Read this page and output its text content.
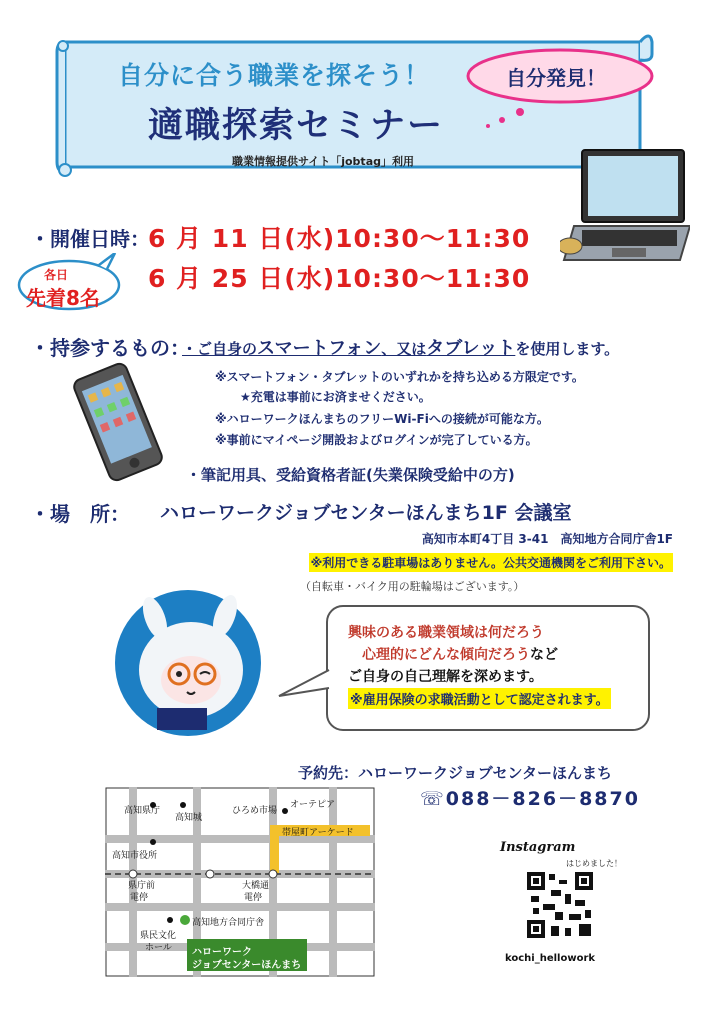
自分に合う職業を探そう！
適職探索セミナー
職業情報提供サイト「jobtag」利用
自分発見！
・開催日時：
6 月 11 日(水)10:30〜11:30
6 月 25 日(水)10:30〜11:30
各日
先着8名
・持参するもの：
・ご自身のスマートフォン、又はタブレットを使用します。
※スマートフォン・タブレットのいずれかを持ち込める方限定です。
★充電は事前にお済ませください。
※ハローワークほんまちのフリーWi-Fiへの接続が可能な方。
※事前にマイページ開設およびログインが完了している方。
・筆記用具、受給資格者証(失業保険受給中の方)
・場　所： ハローワークジョブセンターほんまち1F 会議室
高知市本町4丁目 3-41　高知地方合同庁舎1F
※利用できる駐車場はありません。公共交通機関をご利用下さい。
（自転車・バイク用の駐輪場はございます。）
興味のある職業領域は何だろう
心理的にどんな傾向だろうなど
ご自身の自己理解を深めます。
※雇用保険の求職活動として認定されます。
予約先：ハローワークジョブセンターほんまち
☏088－826－8870
高知県庁
高知城
ひろめ市場
オーテピア
帯屋町アーケード
高知市役所
県庁前
電停
大橋通
電停
高知地方合同庁舎
県民文化
ホール ハローワーク
ジョブセンターほんまち
Instagram
はじめました！
kochi_hellowork
